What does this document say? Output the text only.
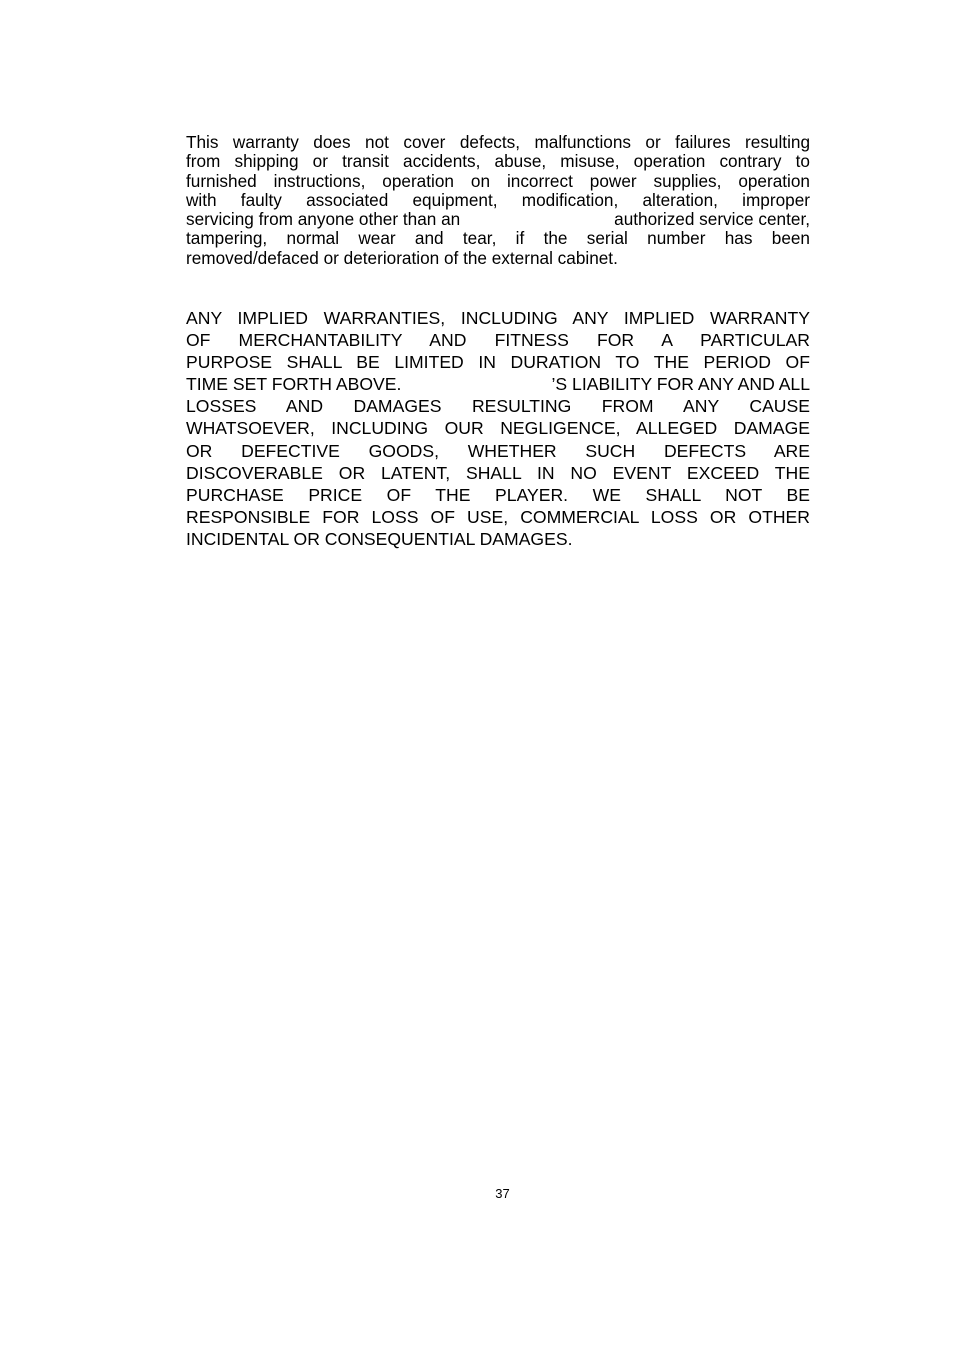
This warranty does not cover defects, malfunctions or failures resulting
from shipping or transit accidents, abuse, misuse, operation contrary to
furnished instructions, operation on incorrect power supplies, operation
with faulty associated equipment, modification, alteration, improper
servicing from anyone other than an	authorized service center,
tampering, normal wear and tear, if the serial number has been
removed/defaced or deterioration of the external cabinet.
ANY IMPLIED WARRANTIES, INCLUDING ANY IMPLIED WARRANTY
OF MERCHANTABILITY AND FITNESS FOR A PARTICULAR
PURPOSE SHALL BE LIMITED IN DURATION TO THE PERIOD OF
TIME SET FORTH ABOVE.	’S LIABILITY FOR ANY AND ALL
LOSSES AND DAMAGES RESULTING FROM ANY CAUSE
WHATSOEVER, INCLUDING OUR NEGLIGENCE, ALLEGED DAMAGE
OR DEFECTIVE GOODS, WHETHER SUCH DEFECTS ARE
DISCOVERABLE OR LATENT, SHALL IN NO EVENT EXCEED THE
PURCHASE PRICE OF THE PLAYER. WE SHALL NOT BE
RESPONSIBLE FOR LOSS OF USE, COMMERCIAL LOSS OR OTHER
INCIDENTAL OR CONSEQUENTIAL DAMAGES.
37
